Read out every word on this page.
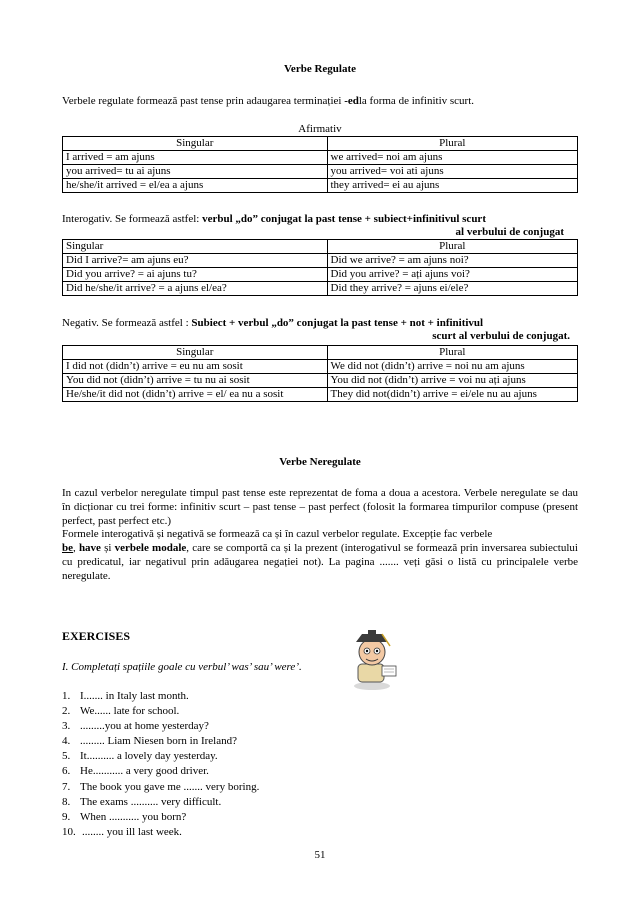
Verbe Regulate
Verbele regulate formează past tense prin adaugarea terminației -edla forma de infinitiv scurt.
Afirmativ
Singular	Plural
I arrived = am ajuns	we arrived= noi am ajuns
you arrived= tu ai ajuns	you arrived= voi ati ajuns
he/she/it arrived = el/ea a ajuns	they arrived= ei au ajuns
Interogativ. Se formează astfel: verbul „do” conjugat la past tense + subiect+infinitivul scurt
al verbului de conjugat
Singular	Plural
Did I arrive?= am ajuns eu?	Did we arrive? = am ajuns noi?
Did you arrive? = ai ajuns tu?	Did you arrive? = ați ajuns voi?
Did he/she/it arrive? = a ajuns el/ea?	Did they arrive? = ajuns ei/ele?
Negativ. Se formează astfel : Subiect + verbul „do” conjugat la past tense + not + infinitivul
scurt al verbului de conjugat.
Singular	Plural
I did not (didn’t) arrive = eu nu am sosit	We did not (didn’t) arrive = noi nu am ajuns
You did not (didn’t) arrive = tu nu ai sosit	You did not (didn’t) arrive = voi nu ați ajuns
He/she/it did not (didn’t) arrive = el/ ea nu a sosit	They did not(didn’t) arrive = ei/ele nu au ajuns
Verbe Neregulate
In cazul verbelor neregulate timpul past tense este reprezentat de foma a doua a acestora. Verbele neregulate se dau în dicționar cu trei forme: infinitiv scurt – past tense – past perfect (folosit la formarea timpurilor compuse (present perfect, past perfect etc.)
Formele interogativă și negativă se formează ca și în cazul verbelor regulate. Excepție fac verbele
be, have și verbele modale, care se comportă ca și la prezent (interogativul se formează prin inversarea subiectului cu predicatul, iar negativul prin adăugarea negației not). La pagina ....... veți găsi o listă cu principalele verbe neregulate.
EXERCISES
I. Completați spațiile goale cu verbul’ was’ sau’ were’.
1. I....... in Italy last month.
2. We...... late for school.
3. .........you at home yesterday?
4. ......... Liam Niesen born in Ireland?
5. It.......... a lovely day yesterday.
6. He........... a very good driver.
7. The book you gave me ....... very boring.
8. The exams .......... very difficult.
9. When ........... you born?
10. ........ you ill last week.
51
